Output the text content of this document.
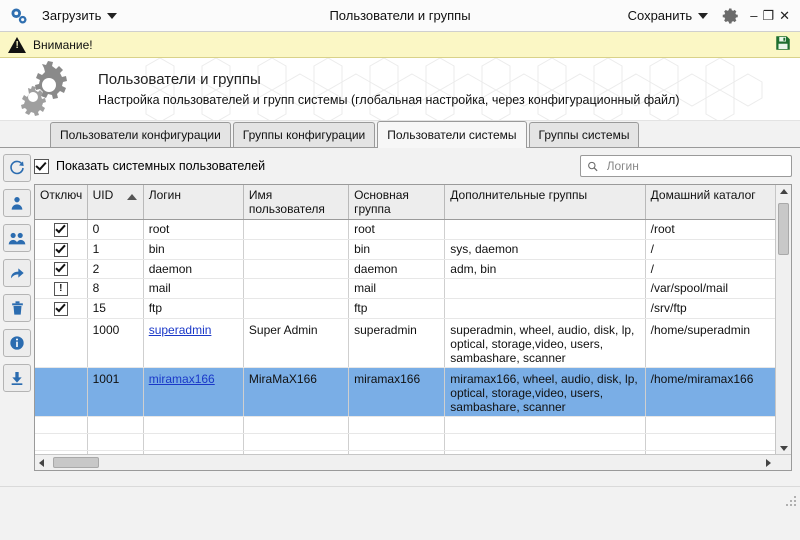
Загрузить	Пользователи и группы	Сохранить	– ❐ ✕
! Внимание!
Пользователи и группы
Настройка пользователей и групп системы (глобальная настройка, через конфигурационный файл)
Пользователи конфигурации	Группы конфигурации	Пользователи системы	Группы системы
Показать системных пользователей
Логин
Отключ	UID	Логин	Имя пользователя	Основная группа	Дополнительные группы	Домашний каталог
	0	root		root		/root
	1	bin		bin	sys, daemon	/
	2	daemon		daemon	adm, bin	/
!	8	mail		mail		/var/spool/mail
	15	ftp		ftp		/srv/ftp
	1000	superadmin	Super Admin	superadmin	superadmin, wheel, audio, disk, lp, optical, storage,video, users, sambashare, scanner	/home/superadmin
	1001	miramax166	MiraMaX166	miramax166	miramax166, wheel, audio, disk, lp, optical, storage,video, users, sambashare, scanner	/home/miramax166
